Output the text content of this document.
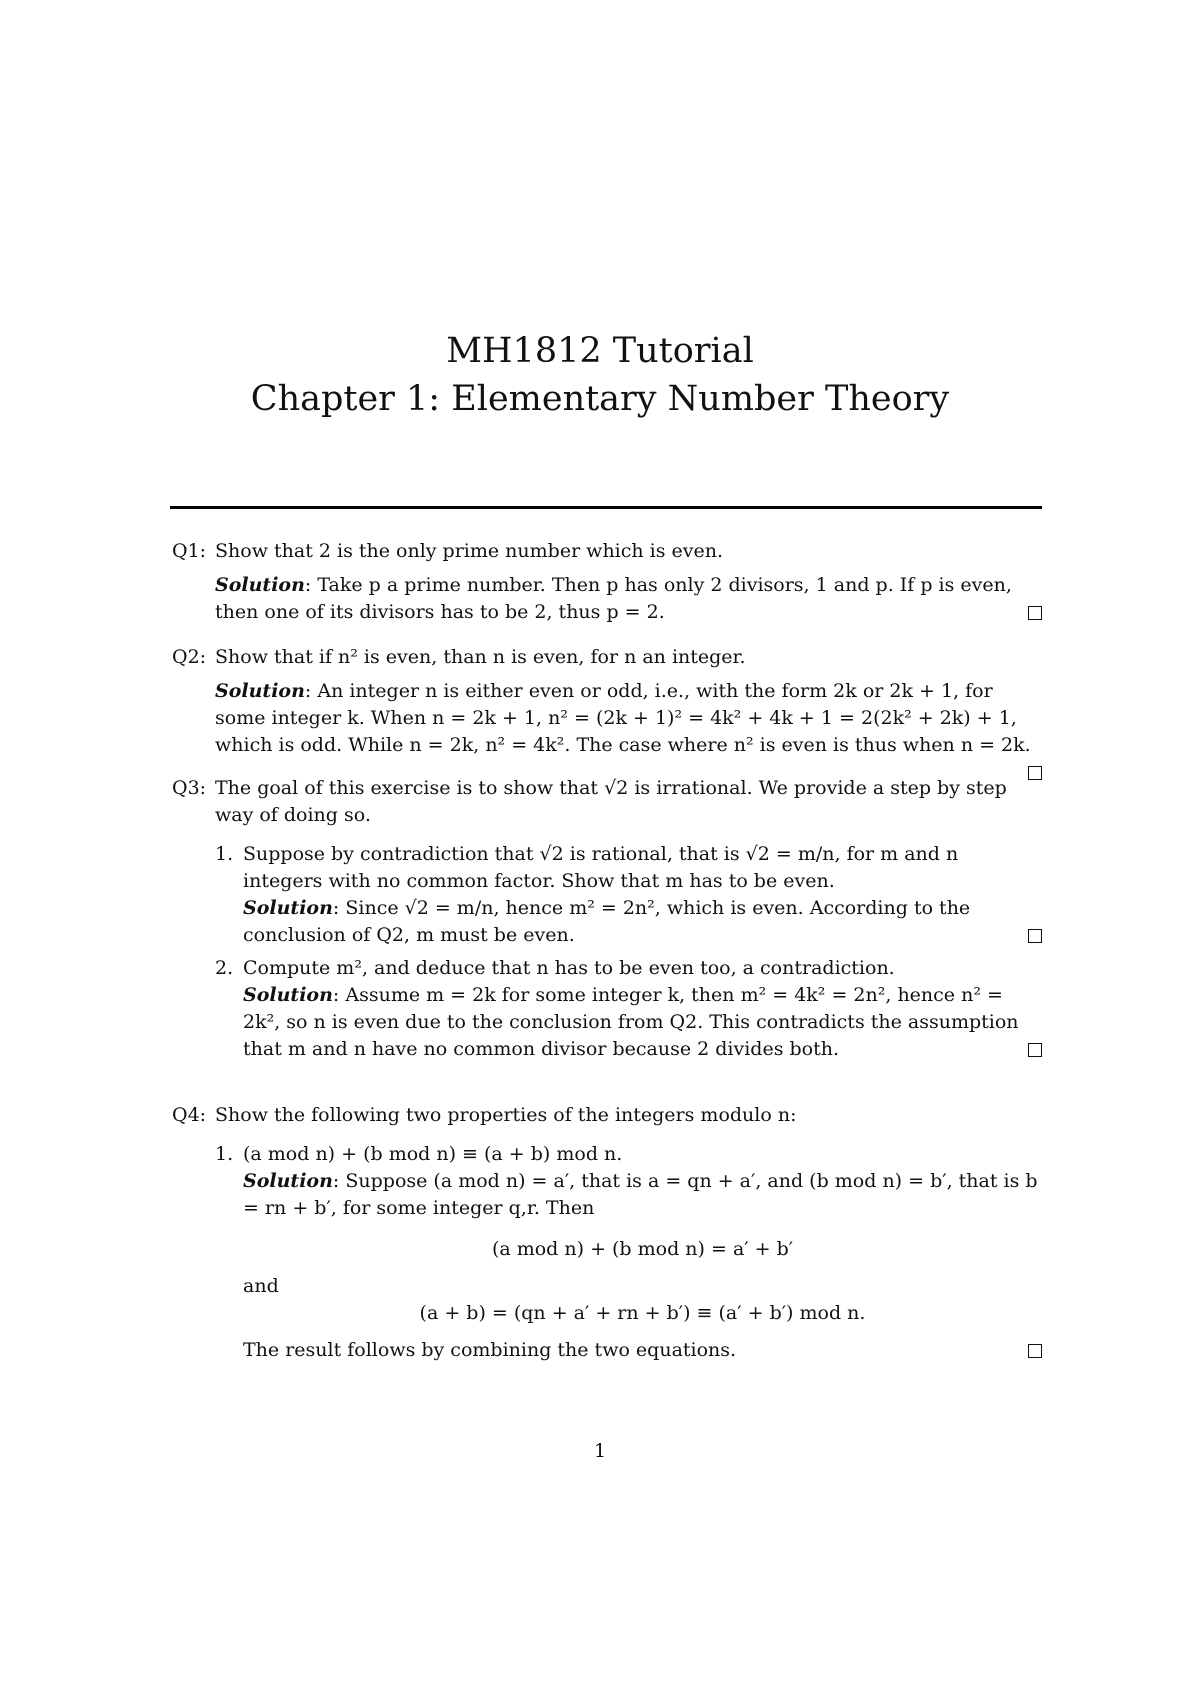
MH1812 Tutorial
Chapter 1: Elementary Number Theory
Q1: Show that 2 is the only prime number which is even.

Solution: Take p a prime number. Then p has only 2 divisors, 1 and p. If p is even, then one of its divisors has to be 2, thus p = 2.

Q2: Show that if n² is even, than n is even, for n an integer.

Solution: An integer n is either even or odd, i.e., with the form 2k or 2k + 1, for some integer k. When n = 2k + 1, n² = (2k + 1)² = 4k² + 4k + 1 = 2(2k² + 2k) + 1, which is odd. While n = 2k, n² = 4k². The case where n² is even is thus when n = 2k.

Q3: The goal of this exercise is to show that √2 is irrational. We provide a step by step way of doing so.
1. Suppose by contradiction that √2 is rational, that is √2 = m/n, for m and n integers with no common factor. Show that m has to be even.

Solution: Since √2 = m/n, hence m² = 2n², which is even. According to the conclusion of Q2, m must be even.

2. Compute m², and deduce that n has to be even too, a contradiction.

Solution: Assume m = 2k for some integer k, then m² = 4k² = 2n², hence n² = 2k², so n is even due to the conclusion from Q2. This contradicts the assumption that m and n have no common divisor because 2 divides both.

Q4: Show the following two properties of the integers modulo n:
1. (a mod n) + (b mod n) ≡ (a + b) mod n.

Solution: Suppose (a mod n) = a′, that is a = qn + a′, and (b mod n) = b′, that is b = rn + b′, for some integer q,r. Then

(a mod n) + (b mod n) = a′ + b′

and

(a + b) = (qn + a′ + rn + b′) ≡ (a′ + b′) mod n.

The result follows by combining the two equations.

1
